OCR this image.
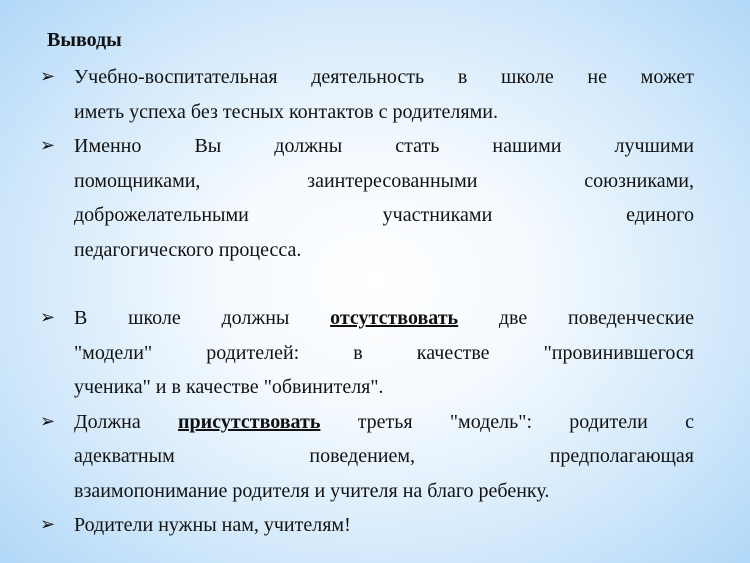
Выводы

➢ Учебно-воспитательная деятельность в школе не может
иметь успеха без тесных контактов с родителями.
➢ Именно Вы должны стать нашими лучшими
помощниками, заинтересованными союзниками,
доброжелательными участниками единого
педагогического процесса.
➢ В школе должны отсутствовать две поведенческие
"модели" родителей: в качестве "провинившегося
ученика" и в качестве "обвинителя".
➢ Должна присутствовать третья "модель": родители с
адекватным поведением, предполагающая
взаимопонимание родителя и учителя на благо ребенку.
➢ Родители нужны нам, учителям!
